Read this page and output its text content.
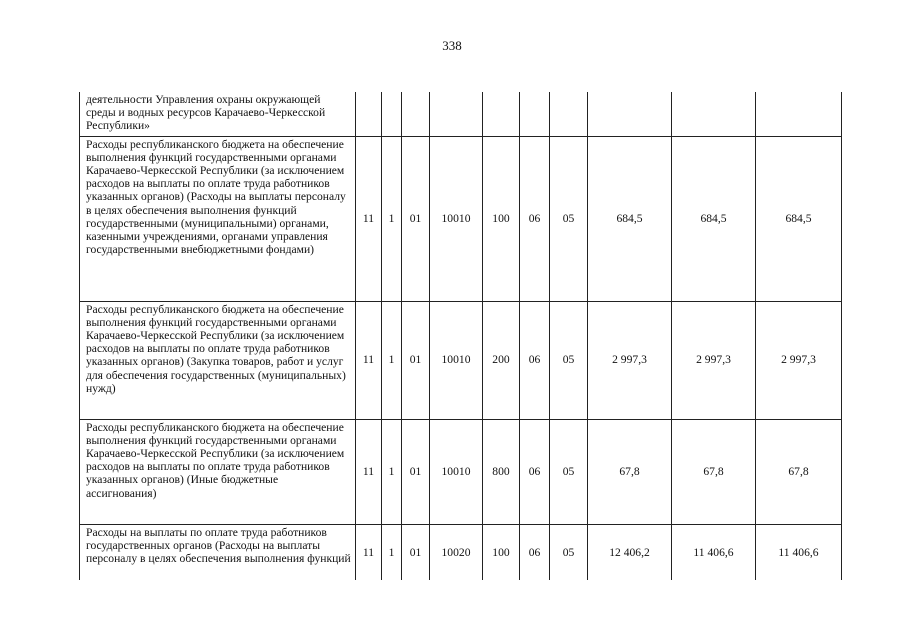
338
деятельности Управления охраны окружающей среды и водных ресурсов Карачаево-Черкесской Республики»										
Расходы республиканского бюджета на обеспечение выполнения функций государственными органами Карачаево-Черкесской Республики (за исключением расходов на выплаты по оплате труда работников указанных органов) (Расходы на выплаты персоналу в целях обеспечения выполнения функций государственными (муниципальными) органами, казенными учреждениями, органами управления государственными внебюджетными фондами)	11	1	01	10010	100	06	05	684,5	684,5	684,5
Расходы республиканского бюджета на обеспечение выполнения функций государственными органами Карачаево-Черкесской Республики (за исключением расходов на выплаты по оплате труда работников указанных органов) (Закупка товаров, работ и услуг для обеспечения государственных (муниципальных) нужд)	11	1	01	10010	200	06	05	2 997,3	2 997,3	2 997,3
Расходы республиканского бюджета на обеспечение выполнения функций государственными органами Карачаево-Черкесской Республики (за исключением расходов на выплаты по оплате труда работников указанных органов) (Иные бюджетные ассигнования)	11	1	01	10010	800	06	05	67,8	67,8	67,8
Расходы на выплаты по оплате труда работников государственных органов (Расходы на выплаты персоналу в целях обеспечения выполнения функций	11	1	01	10020	100	06	05	12 406,2	11 406,6	11 406,6
